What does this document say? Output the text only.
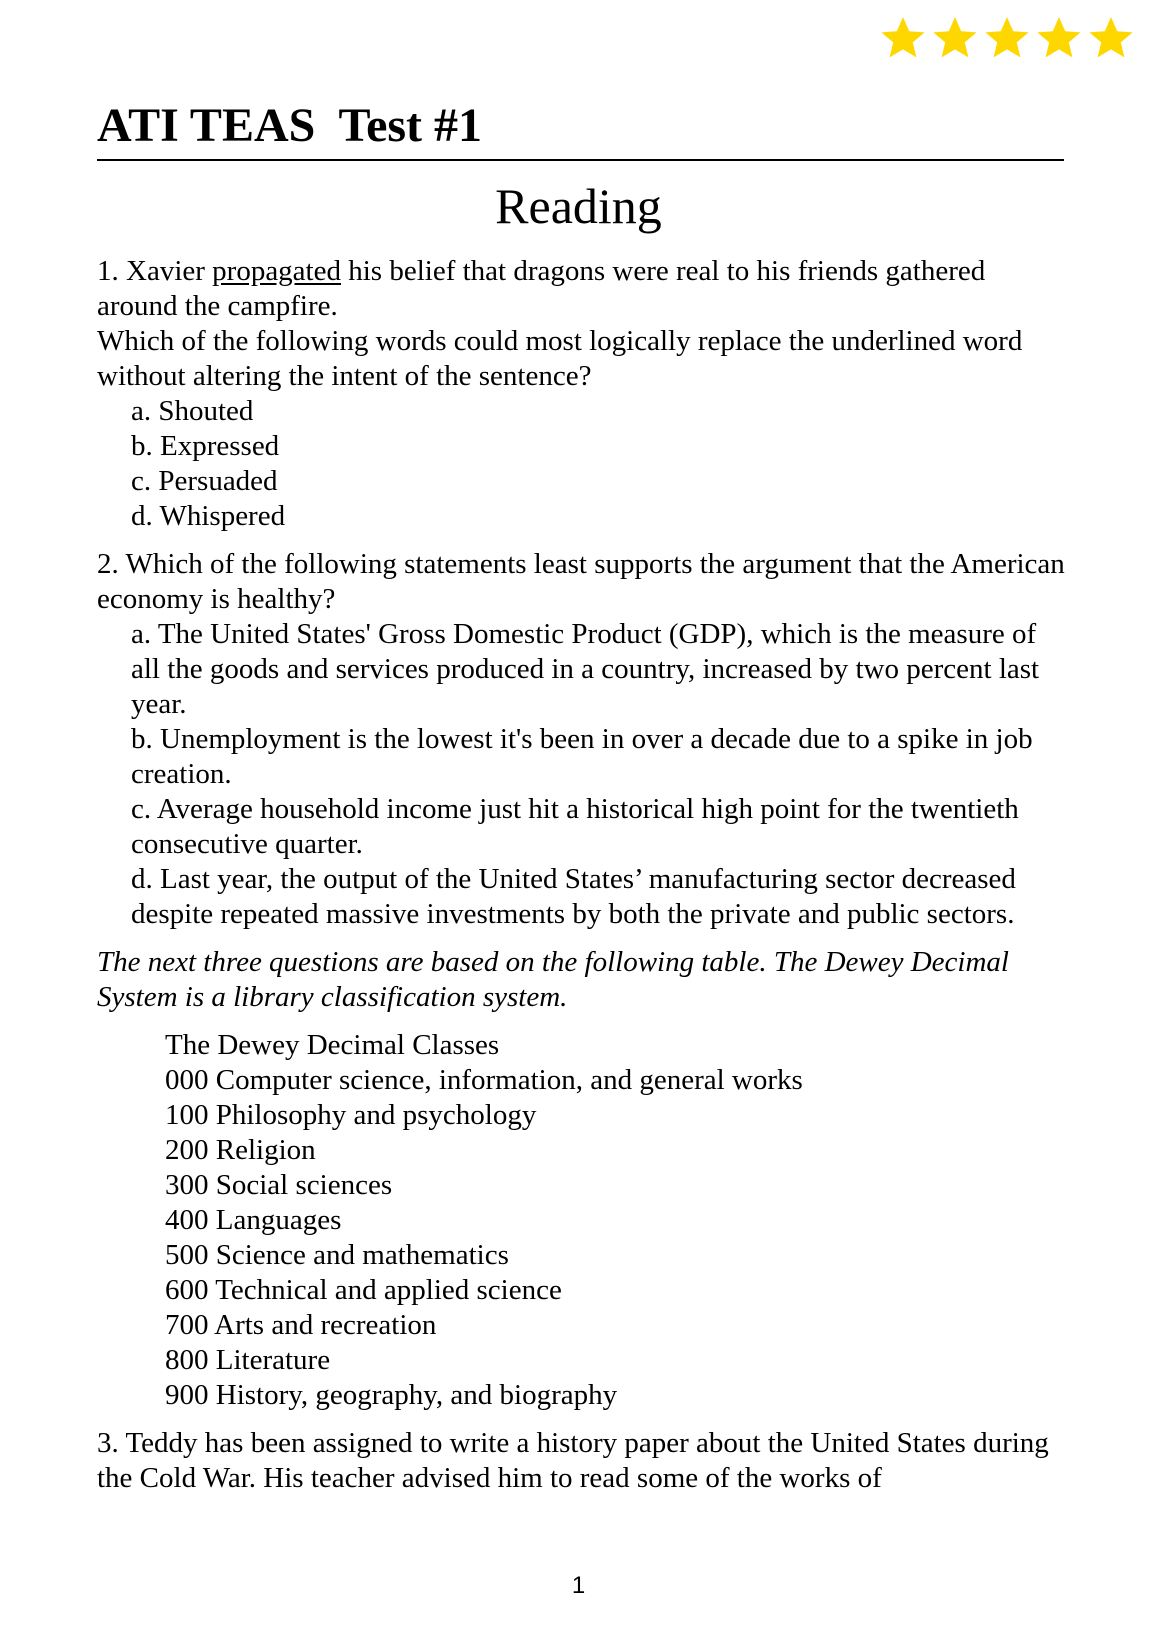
ATI TEAS  Test #1
Reading

1. Xavier propagated his belief that dragons were real to his friends gathered around the campfire.

Which of the following words could most logically replace the underlined word without altering the intent of the sentence?

a. Shouted
b. Expressed
c. Persuaded
d. Whispered

2. Which of the following statements least supports the argument that the American economy is healthy?

a. The United States' Gross Domestic Product (GDP), which is the measure of all the goods and services produced in a country, increased by two percent last year.
b. Unemployment is the lowest it's been in over a decade due to a spike in job creation.
c. Average household income just hit a historical high point for the twentieth consecutive quarter.
d. Last year, the output of the United States’ manufacturing sector decreased despite repeated massive investments by both the private and public sectors.

The next three questions are based on the following table. The Dewey Decimal System is a library classification system.

The Dewey Decimal Classes
000 Computer science, information, and general works
100 Philosophy and psychology
200 Religion
300 Social sciences
400 Languages
500 Science and mathematics
600 Technical and applied science
700 Arts and recreation
800 Literature
900 History, geography, and biography

3. Teddy has been assigned to write a history paper about the United States during the Cold War. His teacher advised him to read some of the works of

1
